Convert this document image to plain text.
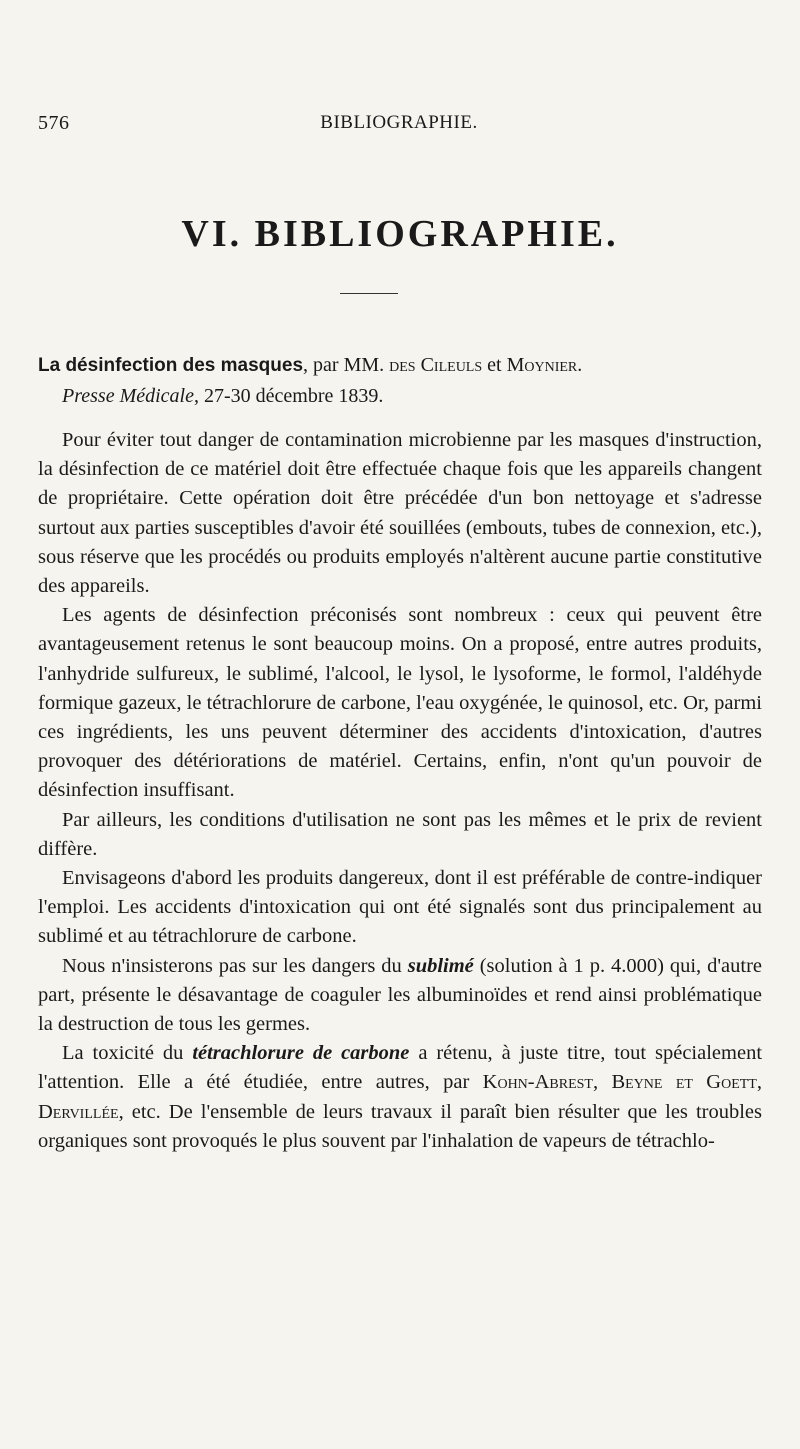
576	BIBLIOGRAPHIE.
VI. BIBLIOGRAPHIE.
La désinfection des masques, par MM. des Cileuls et Moynier.
Presse Médicale, 27-30 décembre 1839.

Pour éviter tout danger de contamination microbienne par les masques d'instruction, la désinfection de ce matériel doit être effectuée chaque fois que les appareils changent de propriétaire. Cette opération doit être précédée d'un bon nettoyage et s'adresse surtout aux parties susceptibles d'avoir été souillées (embouts, tubes de connexion, etc.), sous réserve que les procédés ou produits employés n'altèrent aucune partie constitutive des appareils.

Les agents de désinfection préconisés sont nombreux : ceux qui peuvent être avantageusement retenus le sont beaucoup moins. On a proposé, entre autres produits, l'anhydride sulfureux, le sublimé, l'alcool, le lysol, le lysoforme, le formol, l'aldéhyde formique gazeux, le tétrachlorure de carbone, l'eau oxygénée, le quinosol, etc. Or, parmi ces ingrédients, les uns peuvent déterminer des accidents d'intoxication, d'autres provoquer des détériorations de matériel. Certains, enfin, n'ont qu'un pouvoir de désinfection insuffisant.

Par ailleurs, les conditions d'utilisation ne sont pas les mêmes et le prix de revient diffère.

Envisageons d'abord les produits dangereux, dont il est préférable de contre-indiquer l'emploi. Les accidents d'intoxication qui ont été signalés sont dus principalement au sublimé et au tétrachlorure de carbone.

Nous n'insisterons pas sur les dangers du sublimé (solution à 1 p. 4.000) qui, d'autre part, présente le désavantage de coaguler les albuminoïdes et rend ainsi problématique la destruction de tous les germes.

La toxicité du tétrachlorure de carbone a rétenu, à juste titre, tout spécialement l'attention. Elle a été étudiée, entre autres, par Kohn-Abrest, Beyne et Goett, Dervillée, etc. De l'ensemble de leurs travaux il paraît bien résulter que les troubles organiques sont provoqués le plus souvent par l'inhalation de vapeurs de tétrachlo-
